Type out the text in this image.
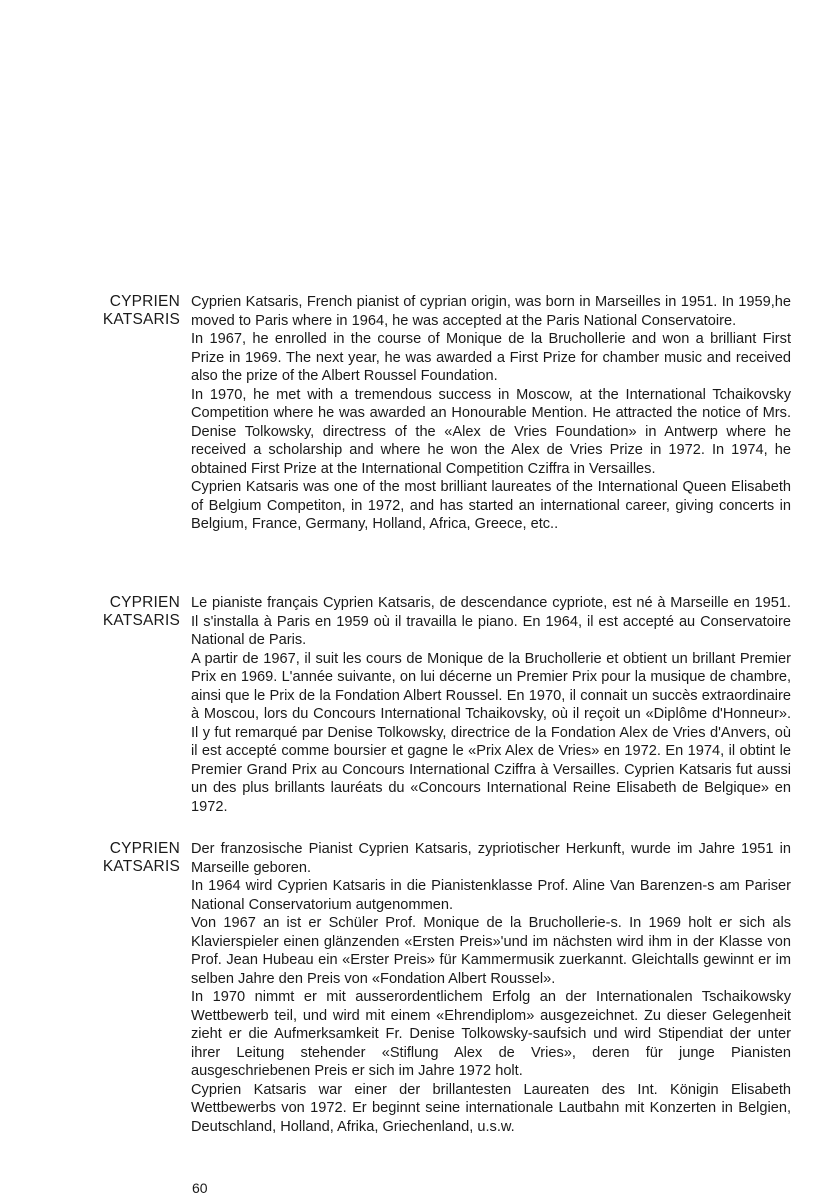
CYPRIEN
KATSARIS

Cyprien Katsaris, French pianist of cyprian origin, was born in Marseilles in 1951. In 1959,he moved to Paris where in 1964, he was accepted at the Paris National Conservatoire.

In 1967, he enrolled in the course of Monique de la Bruchollerie and won a brilliant First Prize in 1969. The next year, he was awarded a First Prize for chamber music and received also the prize of the Albert Roussel Foundation.

In 1970, he met with a tremendous success in Moscow, at the International Tchaikovsky Competition where he was awarded an Honourable Mention. He attracted the notice of Mrs. Denise Tolkowsky, directress of the «Alex de Vries Foundation» in Antwerp where he received a scholarship and where he won the Alex de Vries Prize in 1972. In 1974, he obtained First Prize at the International Competition Cziffra in Versailles.

Cyprien Katsaris was one of the most brilliant laureates of the International Queen Elisabeth of Belgium Competiton, in 1972, and has started an international career, giving concerts in Belgium, France, Germany, Holland, Africa, Greece, etc..

CYPRIEN
KATSARIS

Le pianiste français Cyprien Katsaris, de descendance cypriote, est né à Marseille en 1951. Il s'installa à Paris en 1959 où il travailla le piano. En 1964, il est accepté au Conservatoire National de Paris.

A partir de 1967, il suit les cours de Monique de la Bruchollerie et obtient un brillant Premier Prix en 1969. L'année suivante, on lui décerne un Premier Prix pour la musique de chambre, ainsi que le Prix de la Fondation Albert Roussel. En 1970, il connait un succès extraordinaire à Moscou, lors du Concours International Tchaikovsky, où il reçoit un «Diplôme d'Honneur». Il y fut remarqué par Denise Tolkowsky, directrice de la Fondation Alex de Vries d'Anvers, où il est accepté comme boursier et gagne le «Prix Alex de Vries» en 1972. En 1974, il obtint le Premier Grand Prix au Concours International Cziffra à Versailles. Cyprien Katsaris fut aussi un des plus brillants lauréats du «Concours International Reine Elisabeth de Belgique» en 1972.

CYPRIEN
KATSARIS

Der franzosische Pianist Cyprien Katsaris, zypriotischer Herkunft, wurde im Jahre 1951 in Marseille geboren.

In 1964 wird Cyprien Katsaris in die Pianistenklasse Prof. Aline Van Barenzen-s am Pariser National Conservatorium autgenommen.

Von 1967 an ist er Schüler Prof. Monique de la Bruchollerie-s. In 1969 holt er sich als Klavierspieler einen glänzenden «Ersten Preis»'und im nächsten wird ihm in der Klasse von Prof. Jean Hubeau ein «Erster Preis» für Kammermusik zuerkannt. Gleichtalls gewinnt er im selben Jahre den Preis von «Fondation Albert Roussel».

In 1970 nimmt er mit ausserordentlichem Erfolg an der Internationalen Tschaikowsky Wettbewerb teil, und wird mit einem «Ehrendiplom» ausgezeichnet. Zu dieser Gelegenheit zieht er die Aufmerksamkeit Fr. Denise Tolkowsky-saufsich und wird Stipendiat der unter ihrer Leitung stehender «Stiflung Alex de Vries», deren für junge Pianisten ausgeschriebenen Preis er sich im Jahre 1972 holt.

Cyprien Katsaris war einer der brillantesten Laureaten des Int. Königin Elisabeth Wettbewerbs von 1972. Er beginnt seine internationale Lautbahn mit Konzerten in Belgien, Deutschland, Holland, Afrika, Griechenland, u.s.w.

60
